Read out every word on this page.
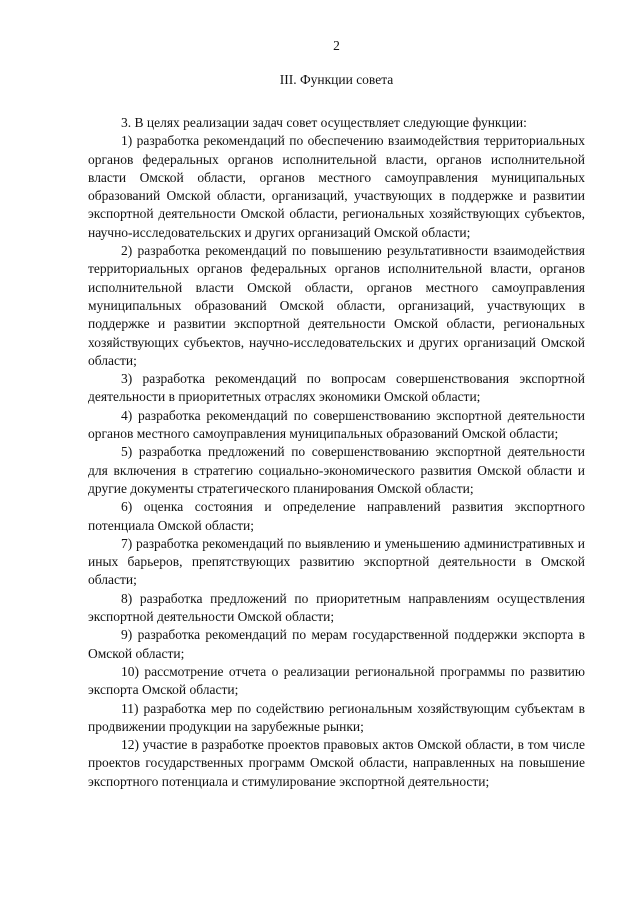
2
III. Функции совета

3. В целях реализации задач совет осуществляет следующие функции:

1) разработка рекомендаций по обеспечению взаимодействия территориальных органов федеральных органов исполнительной власти, органов исполнительной власти Омской области, органов местного самоуправления муниципальных образований Омской области, организаций, участвующих в поддержке и развитии экспортной деятельности Омской области, региональных хозяйствующих субъектов, научно-исследовательских и других организаций Омской области;

2) разработка рекомендаций по повышению результативности взаимодействия территориальных органов федеральных органов исполнительной власти, органов исполнительной власти Омской области, органов местного самоуправления муниципальных образований Омской области, организаций, участвующих в поддержке и развитии экспортной деятельности Омской области, региональных хозяйствующих субъектов, научно-исследовательских и других организаций Омской области;

3) разработка рекомендаций по вопросам совершенствования экспортной деятельности в приоритетных отраслях экономики Омской области;

4) разработка рекомендаций по совершенствованию экспортной деятельности органов местного самоуправления муниципальных образований Омской области;

5) разработка предложений по совершенствованию экспортной деятельности для включения в стратегию социально-экономического развития Омской области и другие документы стратегического планирования Омской области;

6) оценка состояния и определение направлений развития экспортного потенциала Омской области;

7) разработка рекомендаций по выявлению и уменьшению административных и иных барьеров, препятствующих развитию экспортной деятельности в Омской области;

8) разработка предложений по приоритетным направлениям осуществления экспортной деятельности Омской области;

9) разработка рекомендаций по мерам государственной поддержки экспорта в Омской области;

10) рассмотрение отчета о реализации региональной программы по развитию экспорта Омской области;

11) разработка мер по содействию региональным хозяйствующим субъектам в продвижении продукции на зарубежные рынки;

12) участие в разработке проектов правовых актов Омской области, в том числе проектов государственных программ Омской области, направленных на повышение экспортного потенциала и стимулирование экспортной деятельности;
